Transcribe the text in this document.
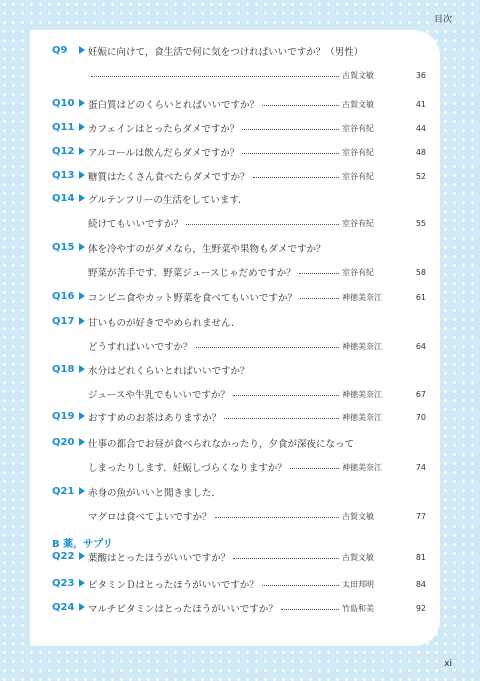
目次
Q9 妊娠に向けて，食生活で何に気をつければいいですか？（男性）
古賀文敏	36
Q10 蛋白質はどのくらいとればいいですか？	古賀文敏	41
Q11 カフェインはとったらダメですか？	室谷有紀	44
Q12 アルコールは飲んだらダメですか？	室谷有紀	48
Q13 糖質はたくさん食べたらダメですか？	室谷有紀	52
Q14 グルテンフリーの生活をしています．
続けてもいいですか？	室谷有紀	55
Q15 体を冷やすのがダメなら，生野菜や果物もダメですか？
野菜が苦手です．野菜ジュースじゃだめですか？	室谷有紀	58
Q16 コンビニ食やカット野菜を食べてもいいですか？	神徳美奈江	61
Q17 甘いものが好きでやめられません．
どうすればいいですか？	神徳美奈江	64
Q18 水分はどれくらいとればいいですか？
ジュースや牛乳でもいいですか？	神徳美奈江	67
Q19 おすすめのお茶はありますか？	神徳美奈江	70
Q20 仕事の都合でお昼が食べられなかったり，夕食が深夜になって
しまったりします．妊娠しづらくなりますか？	神徳美奈江	74
Q21 赤身の魚がいいと聞きました．
マグロは食べてよいですか？	古賀文敏	77
Q22 葉酸はとったほうがいいですか？	古賀文敏	81
Q23 ビタミンＤはとったほうがいいですか？	太田邦明	84
Q24 マルチビタミンはとったほうがいいですか？	竹島和美	92
B 薬，サプリ
xi
